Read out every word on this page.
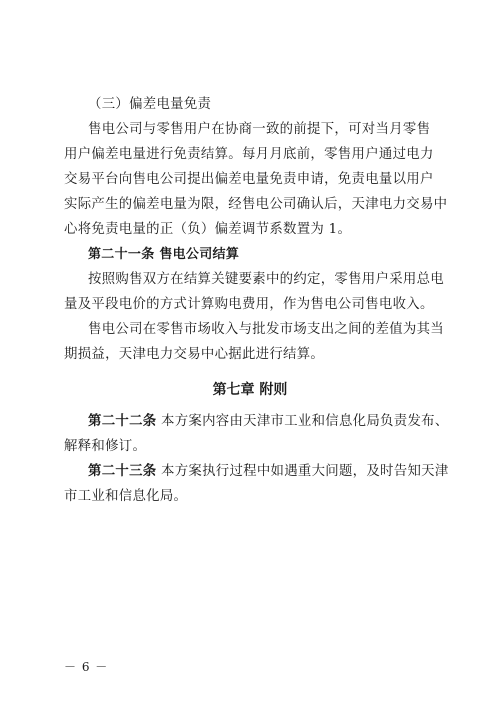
（三）偏差电量免责
售电公司与零售用户在协商一致的前提下，可对当月零售
用户偏差电量进行免责结算。每月月底前，零售用户通过电力
交易平台向售电公司提出偏差电量免责申请，免责电量以用户
实际产生的偏差电量为限，经售电公司确认后，天津电力交易中
心将免责电量的正（负）偏差调节系数置为 1。
第二十一条 售电公司结算
按照购售双方在结算关键要素中的约定，零售用户采用总电
量及平段电价的方式计算购电费用，作为售电公司售电收入。
售电公司在零售市场收入与批发市场支出之间的差值为其当
期损益，天津电力交易中心据此进行结算。
第七章 附则
第二十二条 本方案内容由天津市工业和信息化局负责发布、
解释和修订。
第二十三条 本方案执行过程中如遇重大问题，及时告知天津
市工业和信息化局。
－ 6 －
